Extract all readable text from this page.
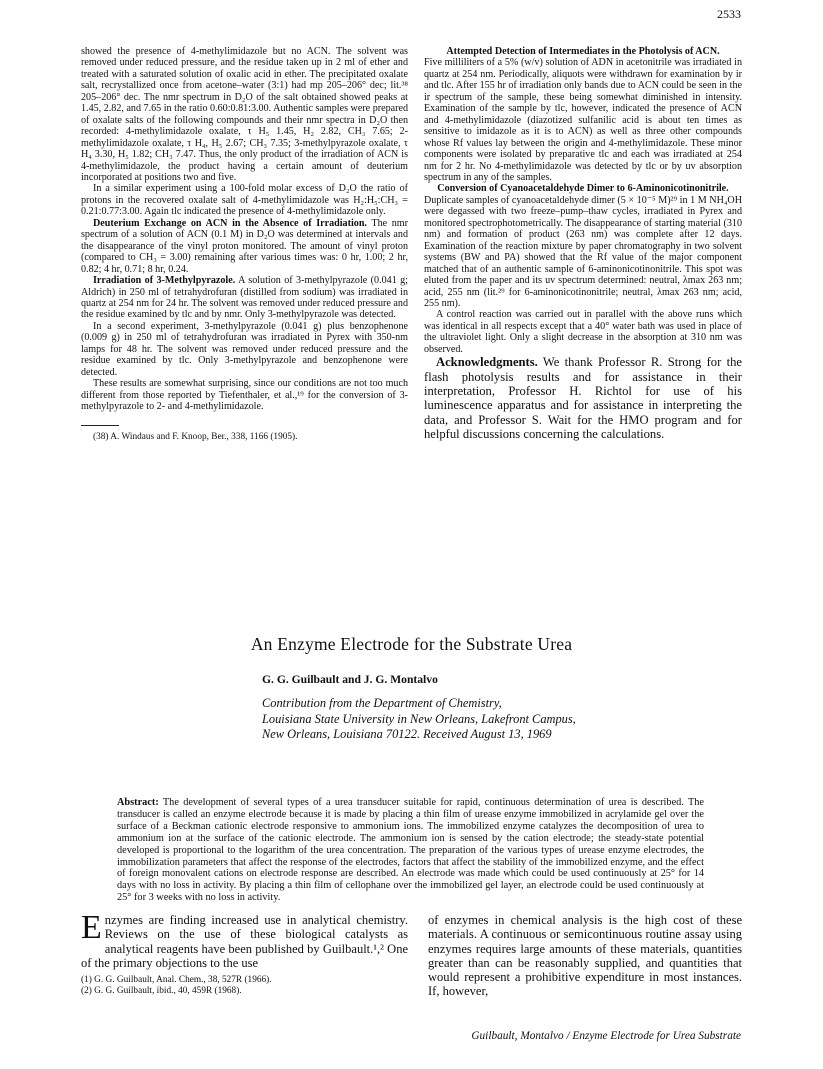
2533

showed the presence of 4-methylimidazole but no ACN. The solvent was removed under reduced pressure, and the residue taken up in 2 ml of ether and treated with a saturated solution of oxalic acid in ether. The precipitated oxalate salt, recrystallized once from acetone–water (3:1) had mp 205–206° dec; lit.³⁸ 205–206° dec. The nmr spectrum in D₂O of the salt obtained showed peaks at 1.45, 2.82, and 7.65 in the ratio 0.60:0.81:3.00. Authentic samples were prepared of oxalate salts of the following compounds and their nmr spectra in D₂O then recorded: 4-methylimidazole oxalate, τ H₅ 1.45, H₂ 2.82, CH₃ 7.65; 2-methylimidazole oxalate, τ H₄, H₅ 2.67; CH₃ 7.35; 3-methylpyrazole oxalate, τ H₄ 3.30, H₅ 1.82; CH₃ 7.47. Thus, the only product of the irradiation of ACN is 4-methylimidazole, the product having a certain amount of deuterium incorporated at positions two and five.

In a similar experiment using a 100-fold molar excess of D₂O the ratio of protons in the recovered oxalate salt of 4-methylimidazole was H₂:H₅:CH₃ = 0.21:0.77:3.00. Again tlc indicated the presence of 4-methylimidazole only.

Deuterium Exchange on ACN in the Absence of Irradiation. The nmr spectrum of a solution of ACN (0.1 M) in D₂O was determined at intervals and the disappearance of the vinyl proton monitored. The amount of vinyl proton (compared to CH₃ = 3.00) remaining after various times was: 0 hr, 1.00; 2 hr, 0.82; 4 hr, 0.71; 8 hr, 0.24.

Irradiation of 3-Methylpyrazole. A solution of 3-methylpyrazole (0.041 g; Aldrich) in 250 ml of tetrahydrofuran (distilled from sodium) was irradiated in quartz at 254 nm for 24 hr. The solvent was removed under reduced pressure and the residue examined by tlc and by nmr. Only 3-methylpyrazole was detected.

In a second experiment, 3-methylpyrazole (0.041 g) plus benzophenone (0.009 g) in 250 ml of tetrahydrofuran was irradiated in Pyrex with 350-nm lamps for 48 hr. The solvent was removed under reduced pressure and the residue examined by tlc. Only 3-methylpyrazole and benzophenone were detected.

These results are somewhat surprising, since our conditions are not too much different from those reported by Tiefenthaler, et al.,¹⁹ for the conversion of 3-methylpyrazole to 2- and 4-methylimidazole.

(38) A. Windaus and F. Knoop, Ber., 338, 1166 (1905).

Attempted Detection of Intermediates in the Photolysis of ACN.

Five milliliters of a 5% (w/v) solution of ADN in acetonitrile was irradiated in quartz at 254 nm. Periodically, aliquots were withdrawn for examination by ir and tlc. After 155 hr of irradiation only bands due to ACN could be seen in the ir spectrum of the sample, these being somewhat diminished in intensity. Examination of the sample by tlc, however, indicated the presence of ACN and 4-methylimidazole (diazotized sulfanilic acid is about ten times as sensitive to imidazole as it is to ACN) as well as three other compounds whose Rf values lay between the origin and 4-methylimidazole. These minor components were isolated by preparative tlc and each was irradiated at 254 nm for 2 hr. No 4-methylimidazole was detected by tlc or by uv absorption spectrum in any of the samples.

Conversion of Cyanoacetaldehyde Dimer to 6-Aminonicotinonitrile.

Duplicate samples of cyanoacetaldehyde dimer (5 × 10⁻⁵ M)²⁹ in 1 M NH₄OH were degassed with two freeze–pump–thaw cycles, irradiated in Pyrex and monitored spectrophotometrically. The disappearance of starting material (310 nm) and formation of product (263 nm) was complete after 12 days. Examination of the reaction mixture by paper chromatography in two solvent systems (BW and PA) showed that the Rf value of the major component matched that of an authentic sample of 6-aminonicotinonitrile. This spot was eluted from the paper and its uv spectrum determined: neutral, λmax 263 nm; acid, 255 nm (lit.²⁹ for 6-aminonicotinonitrile; neutral, λmax 263 nm; acid, 255 nm).

A control reaction was carried out in parallel with the above runs which was identical in all respects except that a 40° water bath was used in place of the ultraviolet light. Only a slight decrease in the absorption at 310 nm was observed.

Acknowledgments. We thank Professor R. Strong for the flash photolysis results and for assistance in their interpretation, Professor H. Richtol for use of his luminescence apparatus and for assistance in interpreting the data, and Professor S. Wait for the HMO program and for helpful discussions concerning the calculations.

An Enzyme Electrode for the Substrate Urea
G. G. Guilbault and J. G. Montalvo
Contribution from the Department of Chemistry,
Louisiana State University in New Orleans, Lakefront Campus,
New Orleans, Louisiana 70122. Received August 13, 1969
Abstract: The development of several types of a urea transducer suitable for rapid, continuous determination of urea is described. The transducer is called an enzyme electrode because it is made by placing a thin film of urease enzyme immobilized in acrylamide gel over the surface of a Beckman cationic electrode responsive to ammonium ions. The immobilized enzyme catalyzes the decomposition of urea to ammonium ion at the surface of the cationic electrode. The ammonium ion is sensed by the cation electrode; the steady-state potential developed is proportional to the logarithm of the urea concentration. The preparation of the various types of urease enzyme electrodes, the immobilization parameters that affect the response of the electrodes, factors that affect the stability of the immobilized enzyme, and the effect of foreign monovalent cations on electrode response are described. An electrode was made which could be used continuously at 25° for 14 days with no loss in activity. By placing a thin film of cellophane over the immobilized gel layer, an electrode could be used continuously at 25° for 3 weeks with no loss in activity.
Enzymes are finding increased use in analytical chemistry. Reviews on the use of these biological catalysts as analytical reagents have been published by Guilbault.¹,² One of the primary objections to the use
(1) G. G. Guilbault, Anal. Chem., 38, 527R (1966).
(2) G. G. Guilbault, ibid., 40, 459R (1968).
of enzymes in chemical analysis is the high cost of these materials. A continuous or semicontinuous routine assay using enzymes requires large amounts of these materials, quantities greater than can be reasonably supplied, and quantities that would represent a prohibitive expenditure in most instances. If, however,
Guilbault, Montalvo / Enzyme Electrode for Urea Substrate
